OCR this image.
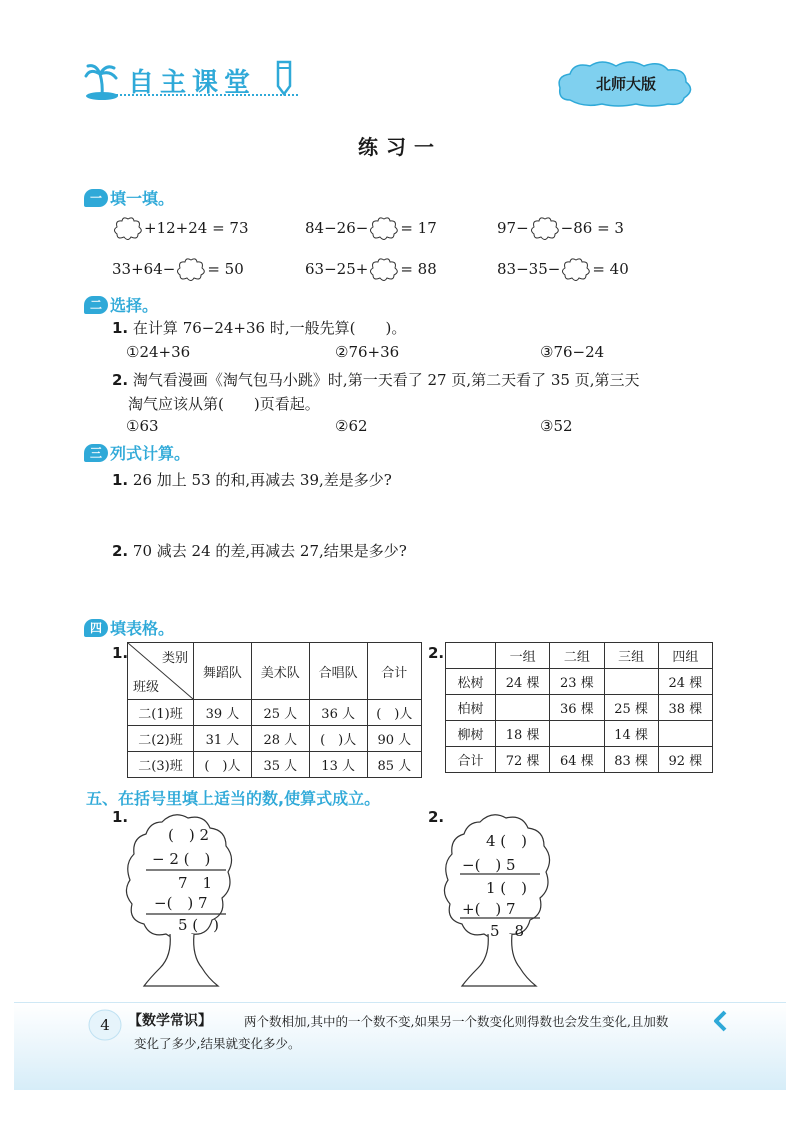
自主课堂	北师大版
练习一
一 填一填。
+12+24 = 73	84−26− = 17	97− −86 = 3
33+64− = 50	63−25+ = 88	83−35− = 40
二 选择。
1. 在计算 76−24+36 时,一般先算(　　)。
①24+36	②76+36	③76−24
2. 淘气看漫画《淘气包马小跳》时,第一天看了 27 页,第二天看了 35 页,第三天
淘气应该从第(　　)页看起。
①63	②62	③52
三 列式计算。
1. 26 加上 53 的和,再减去 39,差是多少?
2. 70 减去 24 的差,再减去 27,结果是多少?
四 填表格。
1.	类别
班级	舞蹈队	美术队	合唱队	合计
二(1)班	39 人	25 人	36 人	(　)人
二(2)班	31 人	28 人	(　)人	90 人
二(3)班	(　)人	35 人	13 人	85 人
2.
		一组	二组	三组	四组
松树	24 棵	23 棵		24 棵
柏树		36 棵	25 棵	38 棵
柳树	18 棵		14 棵	
合计	72 棵	64 棵	83 棵	92 棵
五、在括号里填上适当的数,使算式成立。
1.
(　) 2
− 2 (　)
7　1
−(　) 7
5 (　)
2.
4 (　)
−(　) 5
1 (　)
+(　) 7
5　8
4	【数学常识】	两个数相加,其中的一个数不变,如果另一个数变化则得数也会发生变化,且加数
变化了多少,结果就变化多少。
